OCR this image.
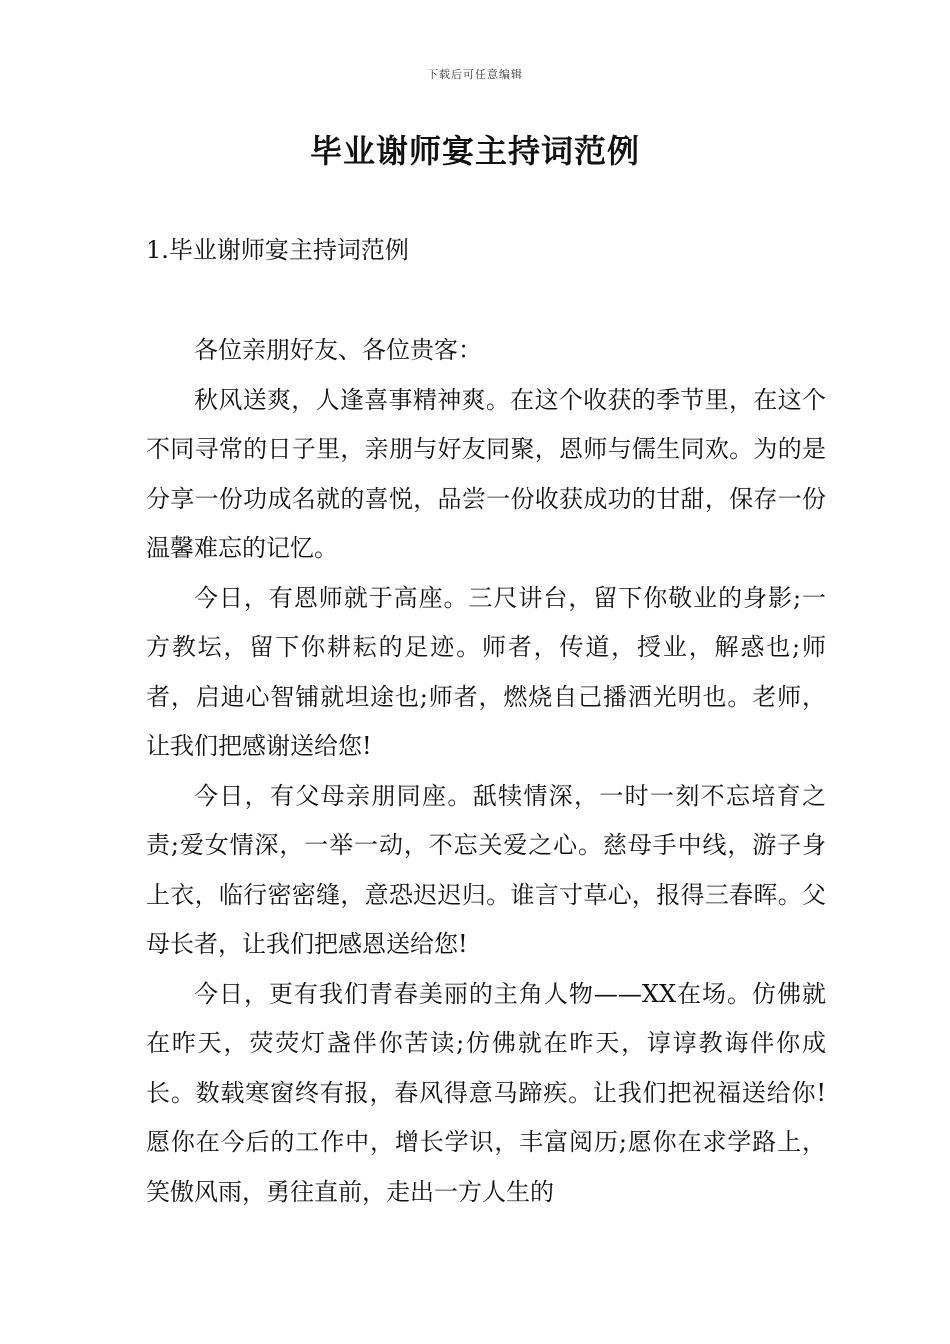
下载后可任意编辑
毕业谢师宴主持词范例
1.毕业谢师宴主持词范例

各位亲朋好友、各位贵客：

秋风送爽，人逢喜事精神爽。在这个收获的季节里，在这个不同寻常的日子里，亲朋与好友同聚，恩师与儒生同欢。为的是分享一份功成名就的喜悦，品尝一份收获成功的甘甜，保存一份温馨难忘的记忆。

今日，有恩师就于高座。三尺讲台，留下你敬业的身影;一方教坛，留下你耕耘的足迹。师者，传道，授业，解惑也;师者，启迪心智铺就坦途也;师者，燃烧自己播洒光明也。老师，让我们把感谢送给您!

今日，有父母亲朋同座。舐犊情深，一时一刻不忘培育之责;爱女情深，一举一动，不忘关爱之心。慈母手中线，游子身上衣，临行密密缝，意恐迟迟归。谁言寸草心，报得三春晖。父母长者，让我们把感恩送给您!

今日，更有我们青春美丽的主角人物——XX在场。仿佛就在昨天，荧荧灯盏伴你苦读;仿佛就在昨天，谆谆教诲伴你成长。数载寒窗终有报，春风得意马蹄疾。让我们把祝福送给你!愿你在今后的工作中，增长学识，丰富阅历;愿你在求学路上，笑傲风雨，勇往直前，走出一方人生的
